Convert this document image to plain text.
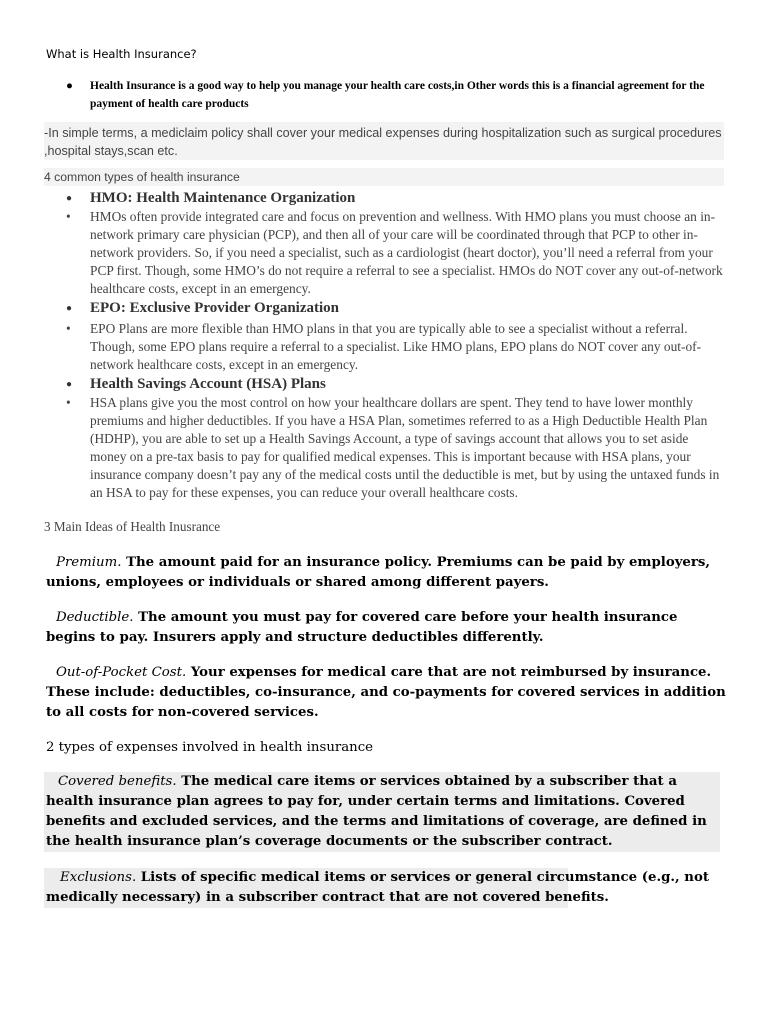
What is Health Insurance?
● Health Insurance is a good way to help you manage your health care costs,in Other words this is a financial agreement for the payment of health care products
-In simple terms, a mediclaim policy shall cover your medical expenses during hospitalization such as surgical procedures ,hospital stays,scan etc.
4 common types of health insurance
● HMO: Health Maintenance Organization
• HMOs often provide integrated care and focus on prevention and wellness. With HMO plans you must choose an in-network primary care physician (PCP), and then all of your care will be coordinated through that PCP to other in-network providers. So, if you need a specialist, such as a cardiologist (heart doctor), you’ll need a referral from your PCP first. Though, some HMO’s do not require a referral to see a specialist. HMOs do NOT cover any out-of-network healthcare costs, except in an emergency.
● EPO: Exclusive Provider Organization
• EPO Plans are more flexible than HMO plans in that you are typically able to see a specialist without a referral. Though, some EPO plans require a referral to a specialist. Like HMO plans, EPO plans do NOT cover any out-of-network healthcare costs, except in an emergency.
● Health Savings Account (HSA) Plans
• HSA plans give you the most control on how your healthcare dollars are spent. They tend to have lower monthly premiums and higher deductibles. If you have a HSA Plan, sometimes referred to as a High Deductible Health Plan (HDHP), you are able to set up a Health Savings Account, a type of savings account that allows you to set aside money on a pre-tax basis to pay for qualified medical expenses. This is important because with HSA plans, your insurance company doesn’t pay any of the medical costs until the deductible is met, but by using the untaxed funds in an HSA to pay for these expenses, you can reduce your overall healthcare costs.
3 Main Ideas of Health Inusrance
Premium. The amount paid for an insurance policy. Premiums can be paid by employers, unions, employees or individuals or shared among different payers.
Deductible. The amount you must pay for covered care before your health insurance begins to pay. Insurers apply and structure deductibles differently.
Out-of-Pocket Cost. Your expenses for medical care that are not reimbursed by insurance. These include: deductibles, co-insurance, and co-payments for covered services in addition to all costs for non-covered services.
2 types of expenses involved in health insurance
Covered benefits. The medical care items or services obtained by a subscriber that a health insurance plan agrees to pay for, under certain terms and limitations. Covered benefits and excluded services, and the terms and limitations of coverage, are defined in the health insurance plan’s coverage documents or the subscriber contract.
Exclusions. Lists of specific medical items or services or general circumstance (e.g., not medically necessary) in a subscriber contract that are not covered benefits.
